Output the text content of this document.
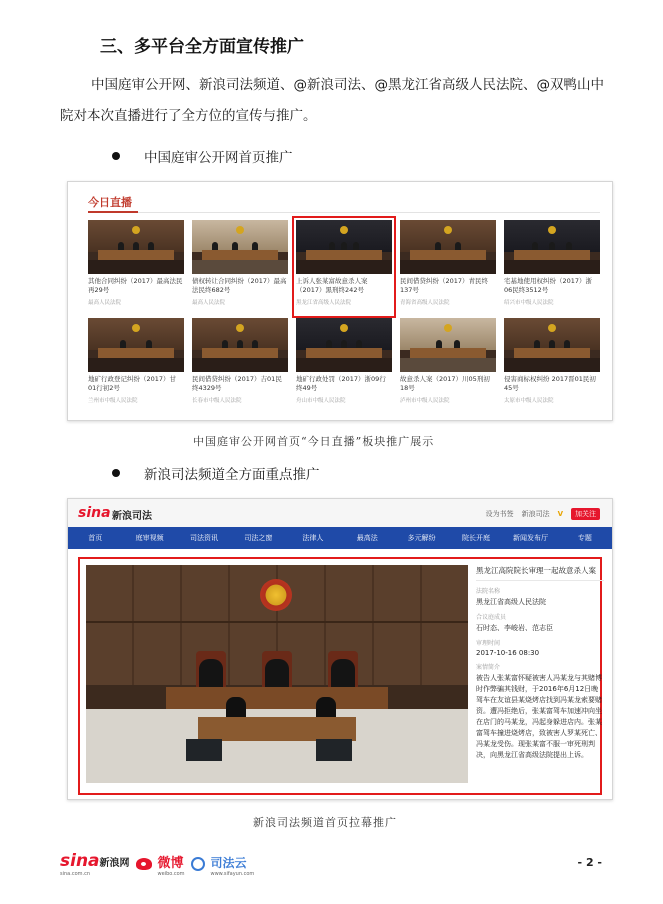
三、多平台全方面宣传推广
中国庭审公开网、新浪司法频道、@新浪司法、@黑龙江省高级人民法院、@双鸭山中
院对本次直播进行了全方位的宣传与推广。
中国庭审公开网首页推广
今日直播
其他合同纠纷（2017）最高法民再29号
最高人民法院
债权转让合同纠纷（2017）最高法民终682号
最高人民法院
上诉人张某富故意杀人案（2017）黑刑终242号
黑龙江省高级人民法院
民间借贷纠纷（2017）青民终137号
青海省高级人民法院
宅基地使用权纠纷（2017）浙06民终3512号
绍兴市中级人民法院
地矿行政登记纠纷（2017）甘01行初2号
兰州市中级人民法院
民间借贷纠纷（2017）吉01民终4329号
长春市中级人民法院
地矿行政处罚（2017）浙09行终49号
舟山市中级人民法院
故意杀人案（2017）川05刑初18号
泸州市中级人民法院
侵害商标权纠纷 2017晋01民初45号
太原市中级人民法院
中国庭审公开网首页“今日直播”板块推广展示
新浪司法频道全方面重点推广
sina 新浪司法	设为书签 新浪司法 V	加关注
首页	庭审视频	司法资讯	司法之窗	法律人	最高法	多元解纷	院长开庭	新闻发布厅	专题
黑龙江高院院长审理一起故意杀人案
法院名称
黑龙江省高级人民法院
合议庭成员
石时态、李峻岩、范志臣
审理时间
2017-10-16 08:30
案情简介
被告人张某富怀疑被害人冯某龙与其赌博时作弊骗其钱财，于2016年6月12日晚驾车在友谊县某烧烤店找到冯某龙索要赌资。遭冯拒绝后，张某富驾车加速冲向坐在店门的马某龙，冯起身躲进店内。张某富驾车撞进烧烤店，致被害人罗某死亡、冯某龙受伤。现张某富不服一审死刑判决，向黑龙江省高级法院提出上诉。
新浪司法频道首页拉幕推广
sina新浪网
sina.com.cn
微博
weibo.com
司法云
www.sifayun.com
- 2 -
